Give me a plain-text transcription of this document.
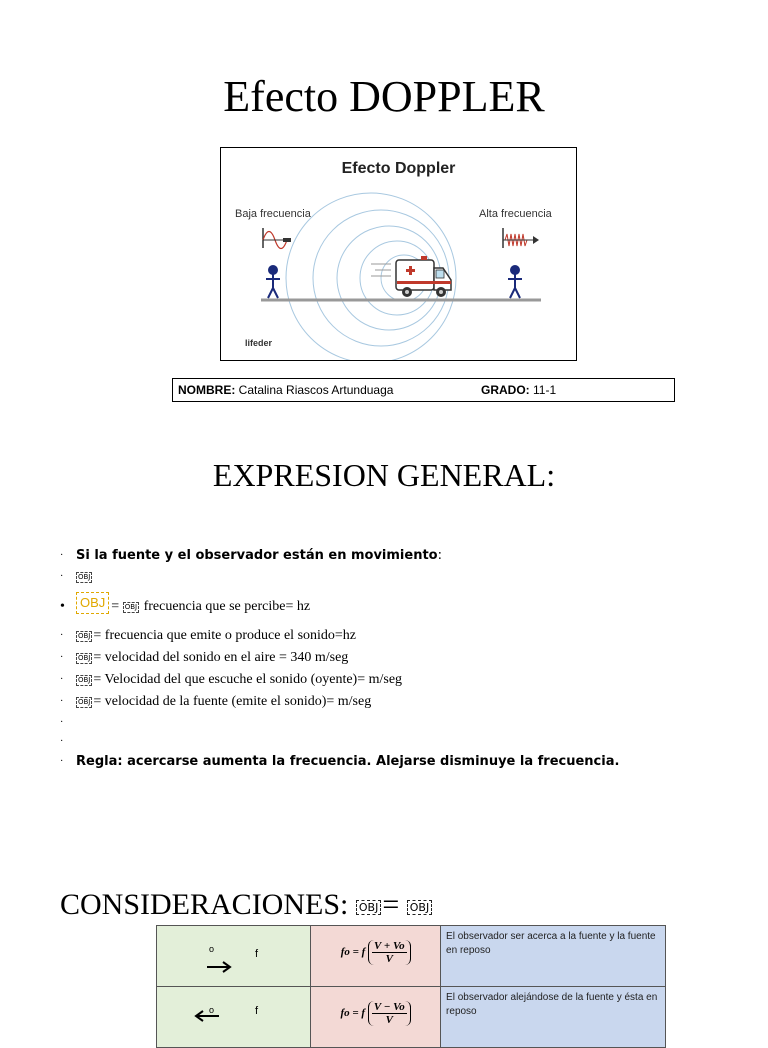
Efecto DOPPLER
Efecto Doppler
Baja frecuencia	Alta frecuencia
lifeder
NOMBRE: Catalina Riascos Artunduaga	GRADO: 11-1
EXPRESION GENERAL:
· Si la fuente y el observador están en movimiento:
· OBJ
• OBJ = OBJ frecuencia que se percibe= hz
· OBJ = frecuencia que emite o produce el sonido=hz
· OBJ = velocidad del sonido en el aire = 340 m/seg
· OBJ = Velocidad del que escuche el sonido (oyente)= m/seg
· OBJ = velocidad de la fuente (emite el sonido)= m/seg
·
·
· Regla: acercarse aumenta la frecuencia. Alejarse disminuye la frecuencia.
CONSIDERACIONES: OBJ = OBJ
o f	fo = f $\frac{V + Vo}{V}$	El observador ser acerca a la fuente y la fuente en reposo

o f	fo = f $\frac{V - Vo}{V}$	El observador alejándose de la fuente y ésta en reposo
